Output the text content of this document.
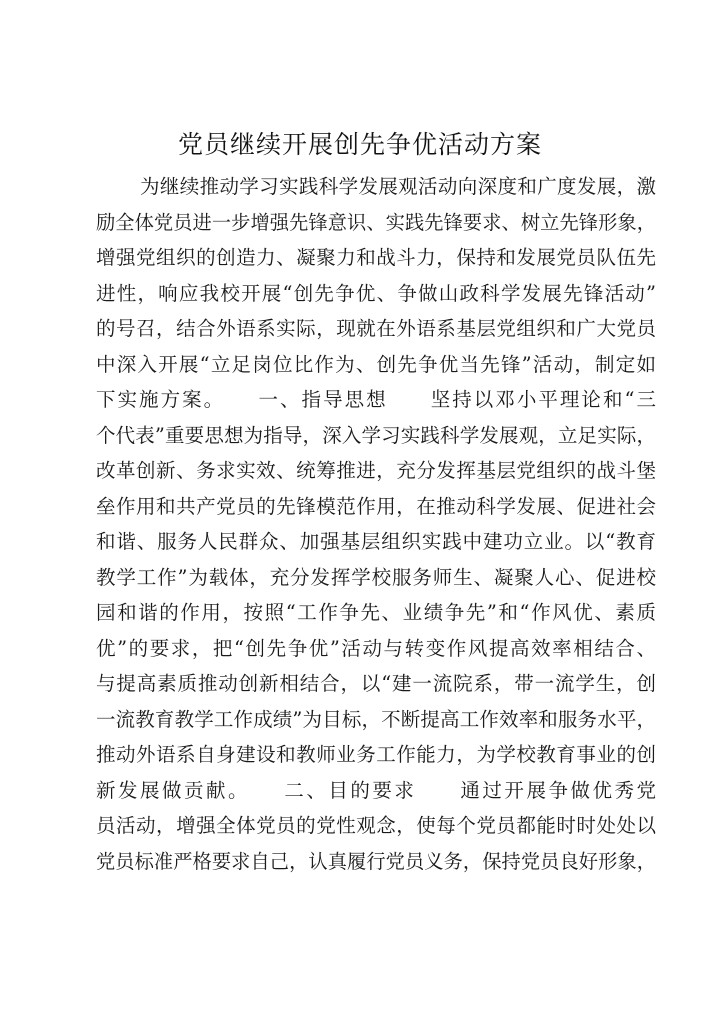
党员继续开展创先争优活动方案
为继续推动学习实践科学发展观活动向深度和广度发展，激
励全体党员进一步增强先锋意识、实践先锋要求、树立先锋形象，
增强党组织的创造力、凝聚力和战斗力，保持和发展党员队伍先
进性，响应我校开展“创先争优、争做山政科学发展先锋活动”
的号召，结合外语系实际，现就在外语系基层党组织和广大党员
中深入开展“立足岗位比作为、创先争优当先锋”活动，制定如
下实施方案。　　一、指导思想　　坚持以邓小平理论和“三
个代表”重要思想为指导，深入学习实践科学发展观，立足实际，
改革创新、务求实效、统筹推进，充分发挥基层党组织的战斗堡
垒作用和共产党员的先锋模范作用，在推动科学发展、促进社会
和谐、服务人民群众、加强基层组织实践中建功立业。以“教育
教学工作”为载体，充分发挥学校服务师生、凝聚人心、促进校
园和谐的作用，按照“工作争先、业绩争先”和“作风优、素质
优”的要求，把“创先争优”活动与转变作风提高效率相结合、
与提高素质推动创新相结合，以“建一流院系，带一流学生，创
一流教育教学工作成绩”为目标，不断提高工作效率和服务水平，
推动外语系自身建设和教师业务工作能力，为学校教育事业的创
新发展做贡献。　　二、目的要求　　通过开展争做优秀党
员活动，增强全体党员的党性观念，使每个党员都能时时处处以
党员标准严格要求自己，认真履行党员义务，保持党员良好形象，
